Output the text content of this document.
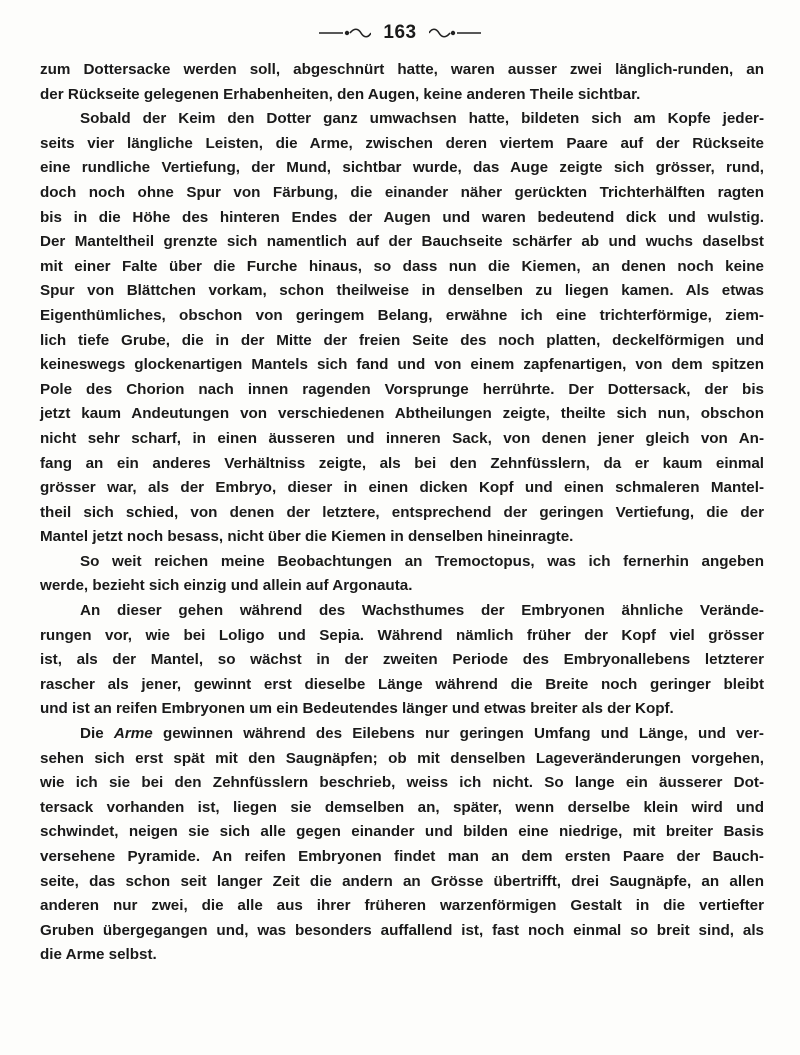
163
zum Dottersacke werden soll, abgeschnürt hatte, waren ausser zwei länglich-runden, an
der Rückseite gelegenen Erhabenheiten, den Augen, keine anderen Theile sichtbar.
Sobald der Keim den Dotter ganz umwachsen hatte, bildeten sich am Kopfe jeder-
seits vier längliche Leisten, die Arme, zwischen deren viertem Paare auf der Rückseite
eine rundliche Vertiefung, der Mund, sichtbar wurde, das Auge zeigte sich grösser, rund,
doch noch ohne Spur von Färbung, die einander näher gerückten Trichterhälften ragten
bis in die Höhe des hinteren Endes der Augen und waren bedeutend dick und wulstig.
Der Manteltheil grenzte sich namentlich auf der Bauchseite schärfer ab und wuchs daselbst
mit einer Falte über die Furche hinaus, so dass nun die Kiemen, an denen noch keine
Spur von Blättchen vorkam, schon theilweise in denselben zu liegen kamen. Als etwas
Eigenthümliches, obschon von geringem Belang, erwähne ich eine trichterförmige, ziem-
lich tiefe Grube, die in der Mitte der freien Seite des noch platten, deckelförmigen und
keineswegs glockenartigen Mantels sich fand und von einem zapfenartigen, von dem spitzen
Pole des Chorion nach innen ragenden Vorsprunge herrührte. Der Dottersack, der bis
jetzt kaum Andeutungen von verschiedenen Abtheilungen zeigte, theilte sich nun, obschon
nicht sehr scharf, in einen äusseren und inneren Sack, von denen jener gleich von An-
fang an ein anderes Verhältniss zeigte, als bei den Zehnfüsslern, da er kaum einmal
grösser war, als der Embryo, dieser in einen dicken Kopf und einen schmaleren Mantel-
theil sich schied, von denen der letztere, entsprechend der geringen Vertiefung, die der
Mantel jetzt noch besass, nicht über die Kiemen in denselben hineinragte.
So weit reichen meine Beobachtungen an Tremoctopus, was ich fernerhin angeben
werde, bezieht sich einzig und allein auf Argonauta.
An dieser gehen während des Wachsthumes der Embryonen ähnliche Verände-
rungen vor, wie bei Loligo und Sepia. Während nämlich früher der Kopf viel grösser
ist, als der Mantel, so wächst in der zweiten Periode des Embryonallebens letzterer
rascher als jener, gewinnt erst dieselbe Länge während die Breite noch geringer bleibt
und ist an reifen Embryonen um ein Bedeutendes länger und etwas breiter als der Kopf.
Die Arme gewinnen während des Eilebens nur geringen Umfang und Länge, und ver-
sehen sich erst spät mit den Saugnäpfen; ob mit denselben Lageveränderungen vorgehen,
wie ich sie bei den Zehnfüsslern beschrieb, weiss ich nicht. So lange ein äusserer Dot-
tersack vorhanden ist, liegen sie demselben an, später, wenn derselbe klein wird und
schwindet, neigen sie sich alle gegen einander und bilden eine niedrige, mit breiter Basis
versehene Pyramide. An reifen Embryonen findet man an dem ersten Paare der Bauch-
seite, das schon seit langer Zeit die andern an Grösse übertrifft, drei Saugnäpfe, an allen
anderen nur zwei, die alle aus ihrer früheren warzenförmigen Gestalt in die vertiefter
Gruben übergegangen und, was besonders auffallend ist, fast noch einmal so breit sind, als
die Arme selbst.
